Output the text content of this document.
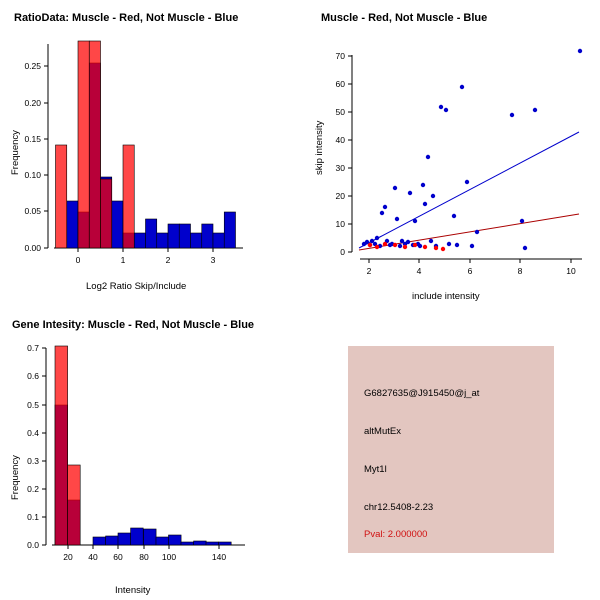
RatioData: Muscle - Red, Not Muscle - Blue
Frequency
Log2 Ratio Skip/Include
0.00
0.05
0.10
0.15
0.20
0.25
0	1	2	3
Muscle - Red, Not Muscle - Blue
skip intensity
include intensity
0
10
20
30
40
50
60
70
2	4	6	8	10
Gene Intesity: Muscle - Red, Not Muscle - Blue
Frequency
Intensity
0.0
0.1
0.2
0.3
0.4
0.5
0.6
0.7
20 40 60 80 100	140
G6827635@J915450@j_at
altMutEx
Myt1l
chr12.5408-2.23
Pval: 2.000000
